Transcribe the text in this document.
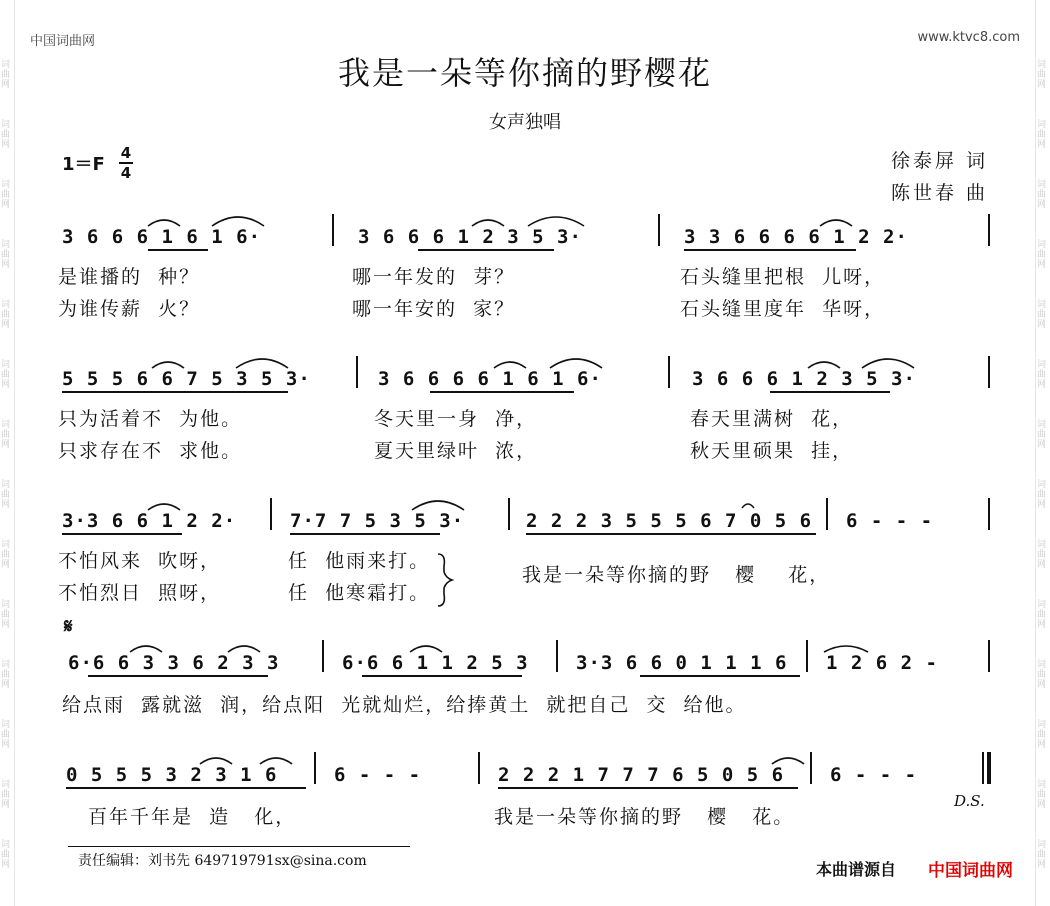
词
曲
网
词
曲
网
词
曲
网
词
曲
网
词
曲
网
词
曲
网
词
曲
网
词
曲
网
词
曲
网
词
曲
网
词
曲
网
词
曲
网
词
曲
网
词
曲
网
词
曲
网
词
曲
网
词
曲
网
词
曲
网
词
曲
网
词
曲
网
词
曲
网
词
曲
网
词
曲
网
词
曲
网
词
曲
网
词
曲
网
词
曲
网
词
曲
网
中国词曲网	www.ktvc8.com
我是一朵等你摘的野樱花
女声独唱
1＝F
4
4
徐泰屏 词
陈世春 曲
3 6 6 6 1 6 1 6·	3 6 6 6 1 2 3 5 3·	3 3 6 6 6 6 1 2 2·
是谁播的  种？	哪一年发的  芽？	石头缝里把根  儿呀，
为谁传薪  火？	哪一年安的  家？	石头缝里度年  华呀，
5 5 5 6 6 7 5 3 5 3·	3 6 6 6 6 1 6 1 6·	3 6 6 6 1 2 3 5 3·
只为活着不  为他。	冬天里一身  净，	春天里满树  花，
只求存在不  求他。	夏天里绿叶  浓，	秋天里硕果  挂，
3·3 6 6 1 2 2·	7·7 7 5 3 5 3·	2 2 2 3 5 5 5 6 7 0 5 6 6 - - -
不怕风来  吹呀，	任  他雨来打。
不怕烈日  照呀，	任  他寒霜打。
我是一朵等你摘的野   樱    花，
𝄋
6·6 6 3 3 6 2 3 3	6·6 6 1 1 2 5 3 3·3 6 6 0 1 1 1 6 1 2 6 2 -
给点雨  露就滋  润，给点阳  光就灿烂，给捧黄土  就把自己  交  给他。
0 5 5 5 3 2 3 1 6	6 - - -	2 2 2 1 7 7 7 6 5 0 5 6 6 - - -
百年千年是  造   化，	我是一朵等你摘的野   樱   花。
D.S.
责任编辑：刘书先 649719791sx@sina.com	本曲谱源自 中国词曲网
